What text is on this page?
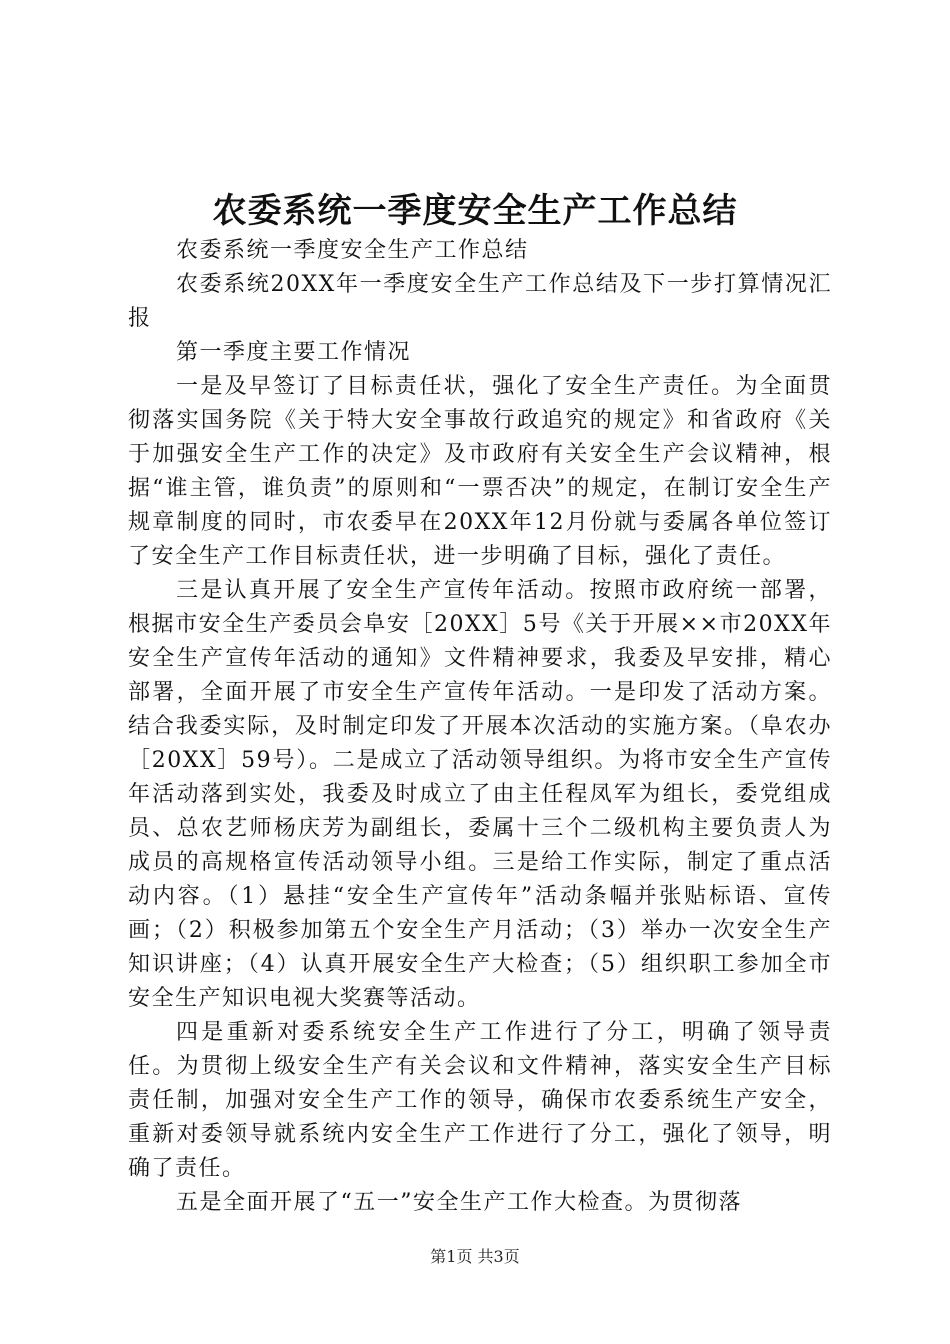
农委系统一季度安全生产工作总结

农委系统一季度安全生产工作总结

农委系统20XX年一季度安全生产工作总结及下一步打算情况汇报

第一季度主要工作情况

一是及早签订了目标责任状，强化了安全生产责任。为全面贯彻落实国务院《关于特大安全事故行政追究的规定》和省政府《关于加强安全生产工作的决定》及市政府有关安全生产会议精神，根据“谁主管，谁负责”的原则和“一票否决”的规定，在制订安全生产规章制度的同时，市农委早在20XX年12月份就与委属各单位签订了安全生产工作目标责任状，进一步明确了目标，强化了责任。

三是认真开展了安全生产宣传年活动。按照市政府统一部署，根据市安全生产委员会阜安［20XX］5号《关于开展××市20XX年安全生产宣传年活动的通知》文件精神要求，我委及早安排，精心部署，全面开展了市安全生产宣传年活动。一是印发了活动方案。结合我委实际，及时制定印发了开展本次活动的实施方案。（阜农办［20XX］59号）。二是成立了活动领导组织。为将市安全生产宣传年活动落到实处，我委及时成立了由主任程凤军为组长，委党组成员、总农艺师杨庆芳为副组长，委属十三个二级机构主要负责人为成员的高规格宣传活动领导小组。三是给工作实际，制定了重点活动内容。（1）悬挂“安全生产宣传年”活动条幅并张贴标语、宣传画；（2）积极参加第五个安全生产月活动；（3）举办一次安全生产知识讲座；（4）认真开展安全生产大检查；（5）组织职工参加全市安全生产知识电视大奖赛等活动。

四是重新对委系统安全生产工作进行了分工，明确了领导责任。为贯彻上级安全生产有关会议和文件精神，落实安全生产目标责任制，加强对安全生产工作的领导，确保市农委系统生产安全，重新对委领导就系统内安全生产工作进行了分工，强化了领导，明确了责任。

五是全面开展了“五一”安全生产工作大检查。为贯彻落

第1页 共3页
